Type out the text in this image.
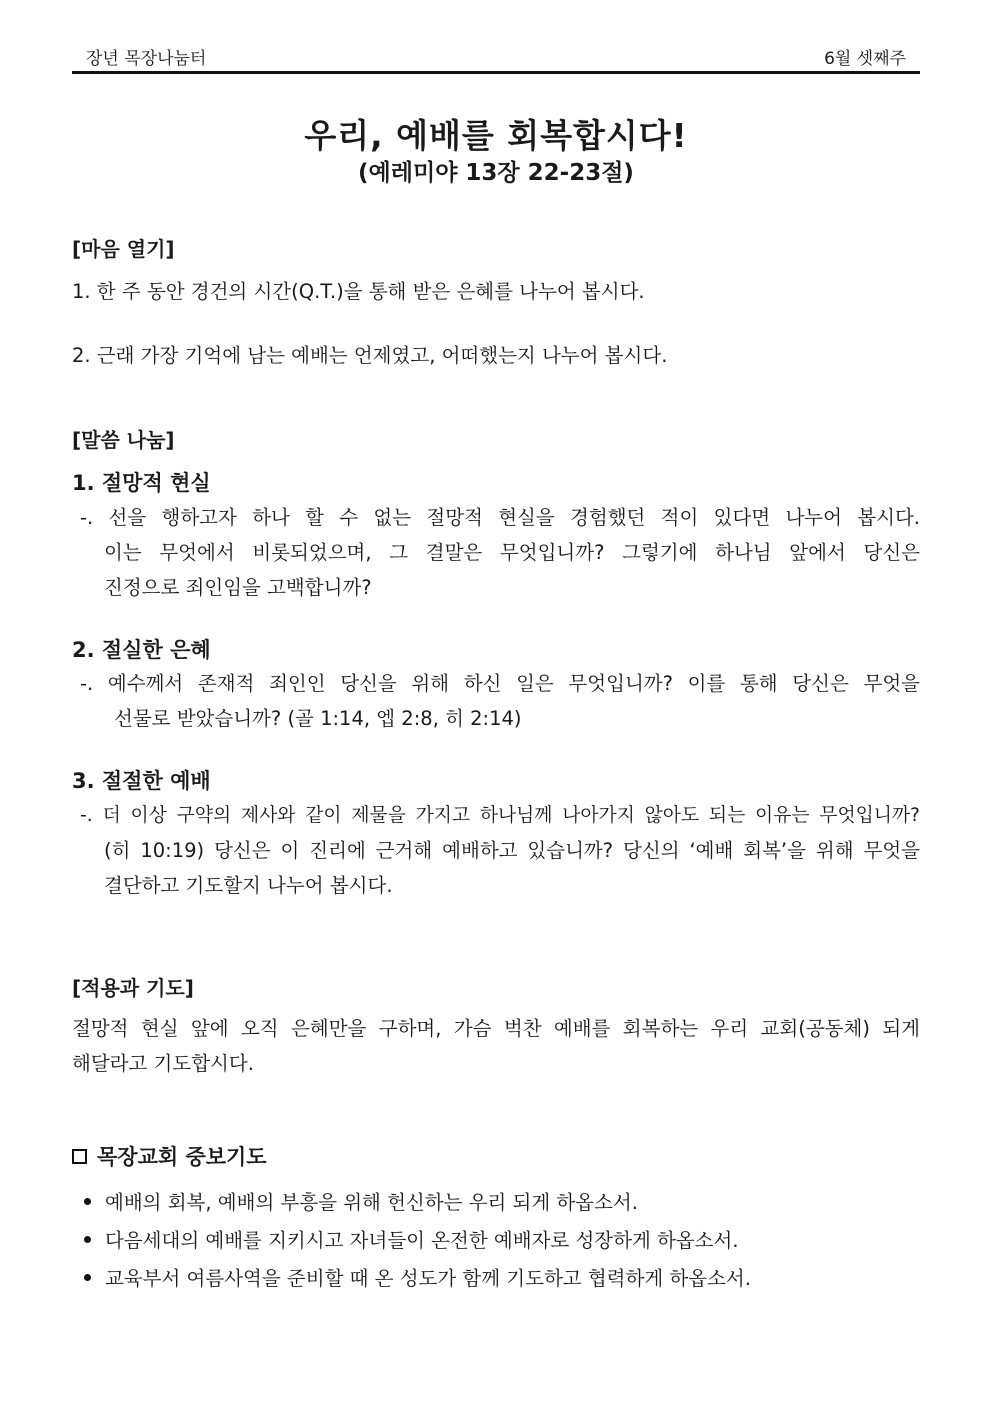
장년 목장나눔터	6월 셋째주
우리, 예배를 회복합시다!
(예레미야 13장 22-23절)
[마음 열기]
1. 한 주 동안 경건의 시간(Q.T.)을 통해 받은 은혜를 나누어 봅시다.
2. 근래 가장 기억에 남는 예배는 언제였고, 어떠했는지 나누어 봅시다.
[말씀 나눔]
1. 절망적 현실
-. 선을 행하고자 하나 할 수 없는 절망적 현실을 경험했던 적이 있다면 나누어 봅시다.
이는 무엇에서 비롯되었으며, 그 결말은 무엇입니까? 그렇기에 하나님 앞에서 당신은
진정으로 죄인임을 고백합니까?
2. 절실한 은혜
-. 예수께서 존재적 죄인인 당신을 위해 하신 일은 무엇입니까? 이를 통해 당신은 무엇을
선물로 받았습니까? (골 1:14, 엡 2:8, 히 2:14)
3. 절절한 예배
-. 더 이상 구약의 제사와 같이 제물을 가지고 하나님께 나아가지 않아도 되는 이유는 무엇입니까?
(히 10:19) 당신은 이 진리에 근거해 예배하고 있습니까? 당신의 ‘예배 회복’을 위해 무엇을
결단하고 기도할지 나누어 봅시다.
[적용과 기도]
절망적 현실 앞에 오직 은혜만을 구하며, 가슴 벅찬 예배를 회복하는 우리 교회(공동체) 되게
해달라고 기도합시다.
목장교회 중보기도
예배의 회복, 예배의 부흥을 위해 헌신하는 우리 되게 하옵소서.
다음세대의 예배를 지키시고 자녀들이 온전한 예배자로 성장하게 하옵소서.
교육부서 여름사역을 준비할 때 온 성도가 함께 기도하고 협력하게 하옵소서.
